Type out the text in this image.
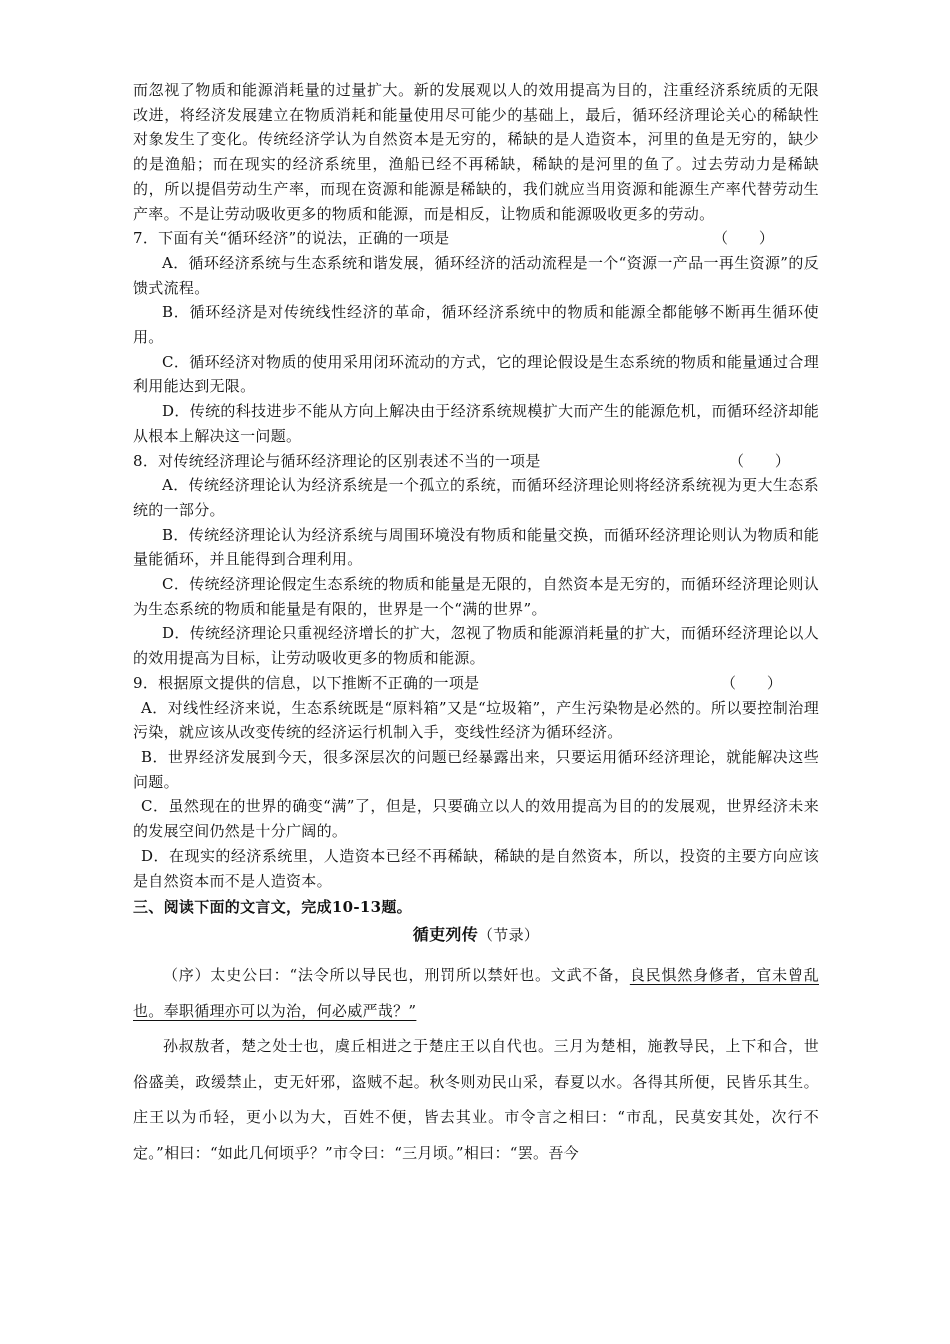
而忽视了物质和能源消耗量的过量扩大。新的发展观以人的效用提高为目的，注重经济系统质的无限改进，将经济发展建立在物质消耗和能量使用尽可能少的基础上，最后，循环经济理论关心的稀缺性对象发生了变化。传统经济学认为自然资本是无穷的，稀缺的是人造资本，河里的鱼是无穷的，缺少的是渔船；而在现实的经济系统里，渔船已经不再稀缺，稀缺的是河里的鱼了。过去劳动力是稀缺的，所以提倡劳动生产率，而现在资源和能源是稀缺的，我们就应当用资源和能源生产率代替劳动生产率。不是让劳动吸收更多的物质和能源，而是相反，让物质和能源吸收更多的劳动。

7．下面有关“循环经济”的说法，正确的一项是	（　　）

A．循环经济系统与生态系统和谐发展，循环经济的活动流程是一个“资源一产品一再生资源”的反馈式流程。

B．循环经济是对传统线性经济的革命，循环经济系统中的物质和能源全都能够不断再生循环使用。

C．循环经济对物质的使用采用闭环流动的方式，它的理论假设是生态系统的物质和能量通过合理利用能达到无限。

D．传统的科技进步不能从方向上解决由于经济系统规模扩大而产生的能源危机，而循环经济却能从根本上解决这一问题。

8．对传统经济理论与循环经济理论的区别表述不当的一项是	（　　）

A．传统经济理论认为经济系统是一个孤立的系统，而循环经济理论则将经济系统视为更大生态系统的一部分。

B．传统经济理论认为经济系统与周围环境没有物质和能量交换，而循环经济理论则认为物质和能量能循环，并且能得到合理利用。

C．传统经济理论假定生态系统的物质和能量是无限的，自然资本是无穷的，而循环经济理论则认为生态系统的物质和能量是有限的，世界是一个“满的世界”。

D．传统经济理论只重视经济增长的扩大，忽视了物质和能源消耗量的扩大，而循环经济理论以人的效用提高为目标，让劳动吸收更多的物质和能源。

9．根据原文提供的信息，以下推断不正确的一项是	（　　）

A．对线性经济来说，生态系统既是“原料箱”又是“垃圾箱”，产生污染物是必然的。所以要控制治理污染，就应该从改变传统的经济运行机制入手，变线性经济为循环经济。

B．世界经济发展到今天，很多深层次的问题已经暴露出来，只要运用循环经济理论，就能解决这些问题。

C．虽然现在的世界的确变“满”了，但是，只要确立以人的效用提高为目的的发展观，世界经济未来的发展空间仍然是十分广阔的。

D．在现实的经济系统里，人造资本已经不再稀缺，稀缺的是自然资本，所以，投资的主要方向应该是自然资本而不是人造资本。

三、阅读下面的文言文，完成10-13题。

循吏列传（节录）

（序）太史公曰：“法令所以导民也，刑罚所以禁奸也。文武不备，良民惧然身修者，官未曾乱也。奉职循理亦可以为治，何必威严哉？”

孙叔敖者，楚之处士也，虞丘相进之于楚庄王以自代也。三月为楚相，施教导民，上下和合，世俗盛美，政缓禁止，吏无奸邪，盗贼不起。秋冬则劝民山采，春夏以水。各得其所便，民皆乐其生。庄王以为币轻，更小以为大，百姓不便，皆去其业。市令言之相曰：“市乱，民莫安其处，次行不定。”相曰：“如此几何顷乎？”市令曰：“三月顷。”相曰：“罢。吾今
